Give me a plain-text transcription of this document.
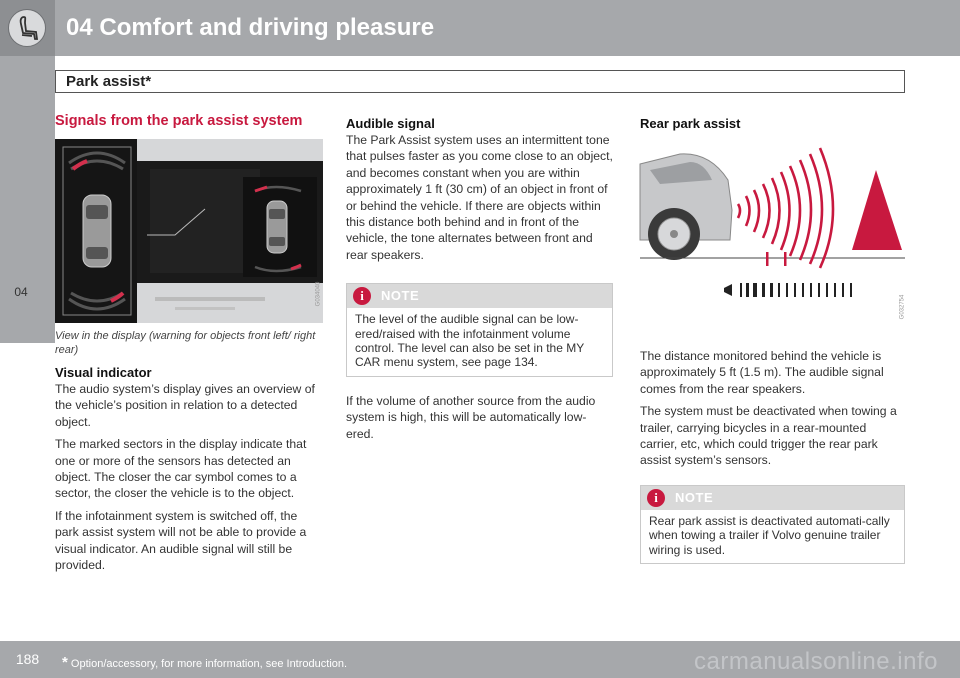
04 Comfort and driving pleasure
Park assist*
04
Signals from the park assist system
G034040
View in the display (warning for objects front left/ right rear)
Visual indicator
The audio system’s display gives an overview of the vehicle’s position in relation to a detected object.
The marked sectors in the display indicate that one or more of the sensors has detected an object. The closer the car symbol comes to a sector, the closer the vehicle is to the object.
If the infotainment system is switched off, the park assist system will not be able to provide a visual indicator. An audible signal will still be provided.
Audible signal
The Park Assist system uses an intermittent tone that pulses faster as you come close to an object, and becomes constant when you are within approximately 1 ft (30 cm) of an object in front of or behind the vehicle. If there are objects within this distance both behind and in front of the vehicle, the tone alternates between front and rear speakers.
i	NOTE
The level of the audible signal can be low-ered/raised with the infotainment volume control. The level can also be set in the MY CAR menu system, see page 134.
If the volume of another source from the audio system is high, this will be automatically low-ered.
Rear park assist
G032754
The distance monitored behind the vehicle is approximately 5 ft (1.5 m). The audible signal comes from the rear speakers.
The system must be deactivated when towing a trailer, carrying bicycles in a rear-mounted carrier, etc, which could trigger the rear park assist system’s sensors.
i	NOTE
Rear park assist is deactivated automati-cally when towing a trailer if Volvo genuine trailer wiring is used.
188	* Option/accessory, for more information, see Introduction.	carmanualsonline.info
